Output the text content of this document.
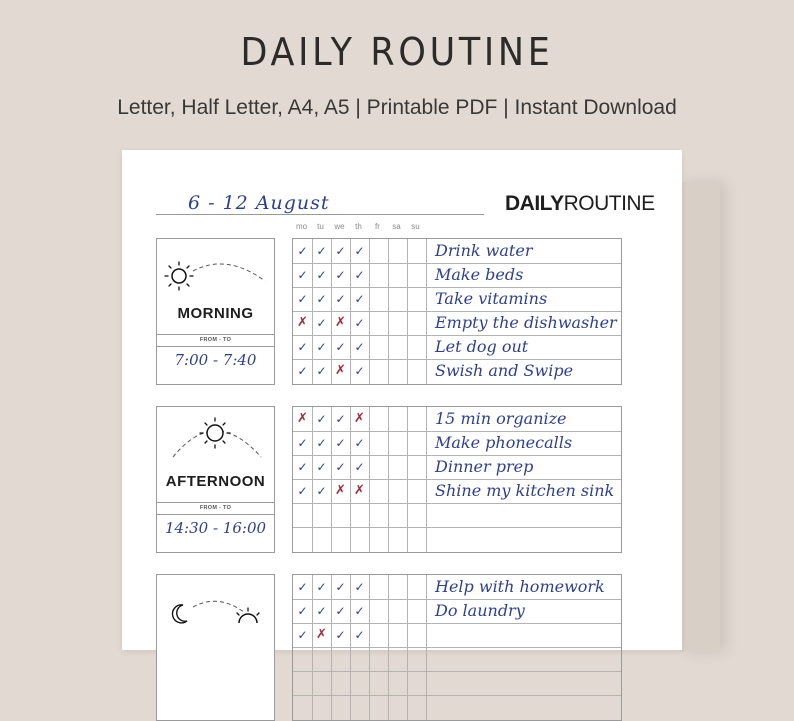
DAILY ROUTINE
Letter, Half Letter, A4, A5 | Printable PDF | Instant Download
6 - 12 August	DAILYROUTINE
mo	tu	we	th	fr	sa	su
MORNING
FROM - TO
7:00 - 7:40
✓ ✓ ✓ ✓	Drink water
✓ ✓ ✓ ✓	Make beds
✓ ✓ ✓ ✓	Take vitamins
✗ ✓ ✗ ✓	Empty the dishwasher
✓ ✓ ✓ ✓	Let dog out
✓ ✓ ✗ ✓	Swish and Swipe
AFTERNOON
FROM - TO
14:30 - 16:00
✗ ✓ ✓ ✗	15 min organize
✓ ✓ ✓ ✓	Make phonecalls
✓ ✓ ✓ ✓	Dinner prep
✓ ✓ ✗ ✗	Shine my kitchen sink
✓ ✓ ✓ ✓	Help with homework
✓ ✓ ✓ ✓	Do laundry
✓ ✗ ✓ ✓
